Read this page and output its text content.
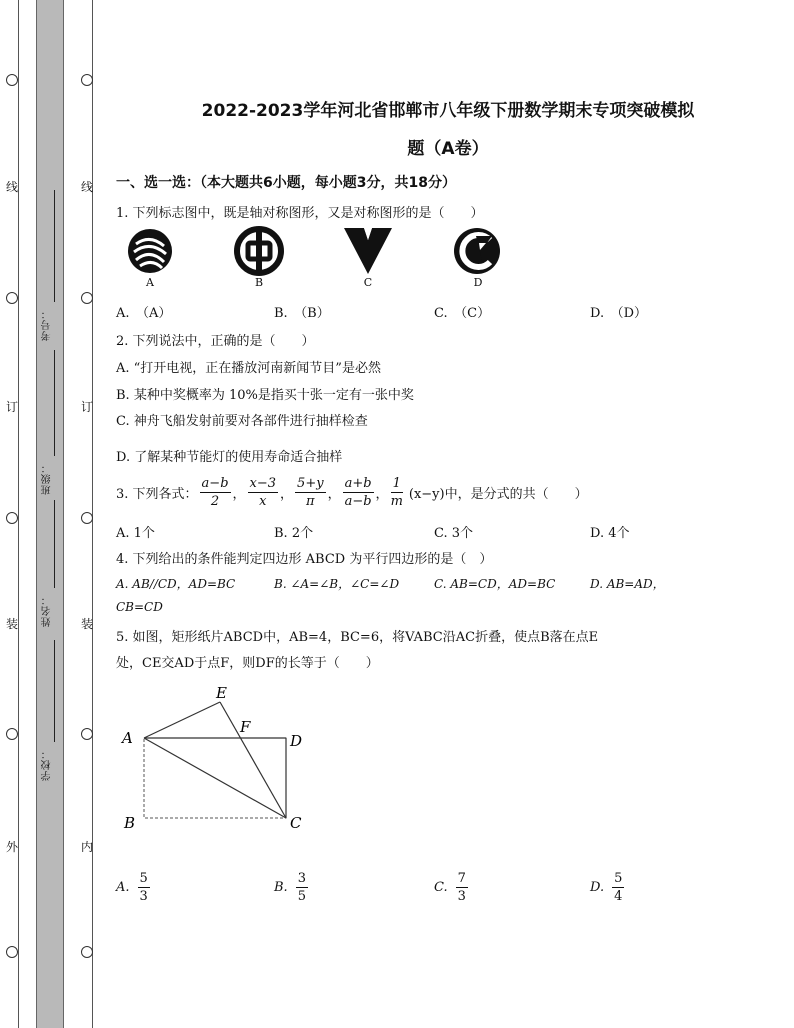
线
订
装
外
线
订
装
内
考号：
班级：
姓名：
学校：
2022-2023学年河北省邯郸市八年级下册数学期末专项突破模拟
题（A卷）
一、选一选：（本大题共6小题，每小题3分，共18分）
1. 下列标志图中，既是轴对称图形，又是对称图形的是（　　）
A	B	C	D
A.　（A）	B.　（B）	C.　（C）	D.　（D）
2. 下列说法中，正确的是（　　）
A. “打开电视，正在播放河南新闻节目”是必然
B. 某种中奖概率为 10%是指买十张一定有一张中奖
C. 神舟飞船发射前要对各部件进行抽样检查
D. 了解某种节能灯的使用寿命适合抽样
3. 下列各式： $\frac{a-b}{2}$ ， $\frac{x-3}{x}$ ， $\frac{5+y}{\pi}$ ， $\frac{a+b}{a-b}$ ， $\frac{1}{m} (x-y)$中，是分式的共（　　）
A. 1个	B. 2个	C. 3个	D. 4个
4. 下列给出的条件能判定四边形 ABCD 为平行四边形的是（　）
A. AB//CD，AD=BC	B. ∠A=∠B，∠C=∠D	C. AB=CD，AD=BC	D. AB=AD，
CB=CD
5. 如图，矩形纸片ABCD中，AB=4，BC=6，将VABC沿AC折叠，使点B落在点E
处，CE交AD于点F，则DF的长等于（　　）
A
B	C
D
E
F
A. $\frac{5}{3}$	B. $\frac{3}{5}$	C. $\frac{7}{3}$	D. $\frac{5}{4}$
